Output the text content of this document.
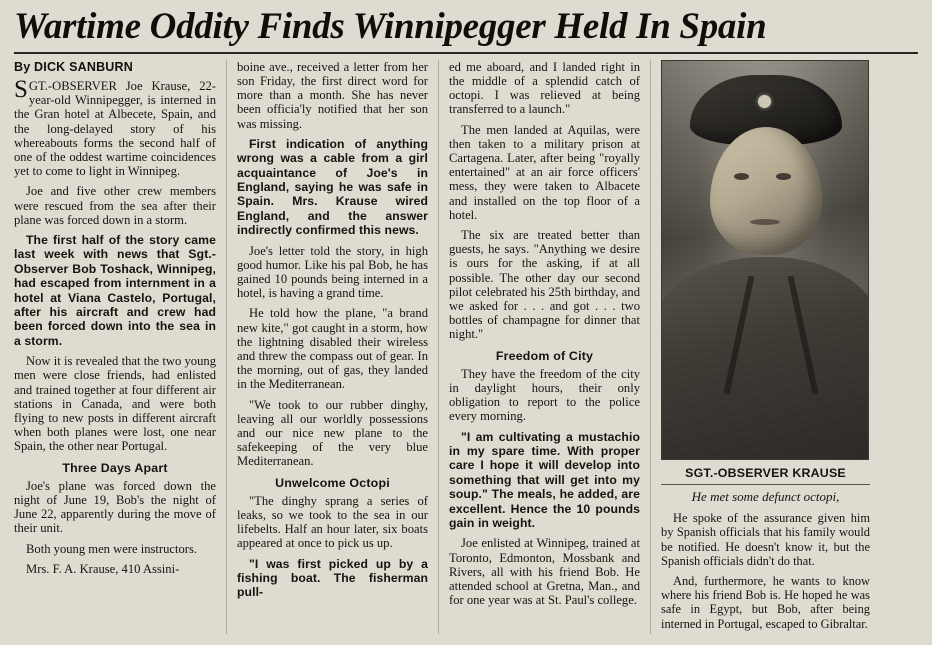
Wartime Oddity Finds Winnipegger Held In Spain
By DICK SANBURN

SGT.-OBSERVER Joe Krause, 22-year-old Winnipegger, is interned in the Gran hotel at Albecete, Spain, and the long-delayed story of his whereabouts forms the second half of one of the oddest wartime coincidences yet to come to light in Winnipeg.

Joe and five other crew members were rescued from the sea after their plane was forced down in a storm.

The first half of the story came last week with news that Sgt.-Observer Bob Toshack, Winnipeg, had escaped from internment in a hotel at Viana Castelo, Portugal, after his aircraft and crew had been forced down into the sea in a storm.

Now it is revealed that the two young men were close friends, had enlisted and trained together at four different air stations in Canada, and were both flying to new posts in different aircraft when both planes were lost, one near Spain, the other near Portugal.

Three Days Apart

Joe's plane was forced down the night of June 19, Bob's the night of June 22, apparently during the move of their unit.

Both young men were instructors.

Mrs. F. A. Krause, 410 Assini-

boine ave., received a letter from her son Friday, the first direct word for more than a month. She has never been officia'ly notified that her son was missing.

First indication of anything wrong was a cable from a girl acquaintance of Joe's in England, saying he was safe in Spain. Mrs. Krause wired England, and the answer indirectly confirmed this news.

Joe's letter told the story, in high good humor. Like his pal Bob, he has gained 10 pounds being interned in a hotel, is having a grand time.

He told how the plane, "a brand new kite," got caught in a storm, how the lightning disabled their wireless and threw the compass out of gear. In the morning, out of gas, they landed in the Mediterranean.

"We took to our rubber dinghy, leaving all our worldly possessions and our nice new plane to the safekeeping of the very blue Mediterranean.

Unwelcome Octopi

"The dinghy sprang a series of leaks, so we took to the sea in our lifebelts. Half an hour later, six boats appeared at once to pick us up.

"I was first picked up by a fishing boat. The fisherman pull-

ed me aboard, and I landed right in the middle of a splendid catch of octopi. I was relieved at being transferred to a launch."

The men landed at Aquilas, were then taken to a military prison at Cartagena. Later, after being "royally entertained" at an air force officers' mess, they were taken to Albacete and installed on the top floor of a hotel.

The six are treated better than guests, he says. "Anything we desire is ours for the asking, if at all possible. The other day our second pilot celebrated his 25th birthday, and we asked for . . . and got . . . two bottles of champagne for dinner that night."

Freedom of City

They have the freedom of the city in daylight hours, their only obligation to report to the police every morning.

"I am cultivating a mustachio in my spare time. With proper care I hope it will develop into something that will get into my soup." The meals, he added, are excellent. Hence the 10 pounds gain in weight.

Joe enlisted at Winnipeg, trained at Toronto, Edmonton, Mossbank and Rivers, all with his friend Bob. He attended school at Gretna, Man., and for one year was at St. Paul's college.

SGT.-OBSERVER KRAUSE
He met some defunct octopi,

He spoke of the assurance given him by Spanish officials that his family would be notified. He doesn't know it, but the Spanish officials didn't do that.

And, furthermore, he wants to know where his friend Bob is. He hoped he was safe in Egypt, but Bob, after being interned in Portugal, escaped to Gibraltar.
